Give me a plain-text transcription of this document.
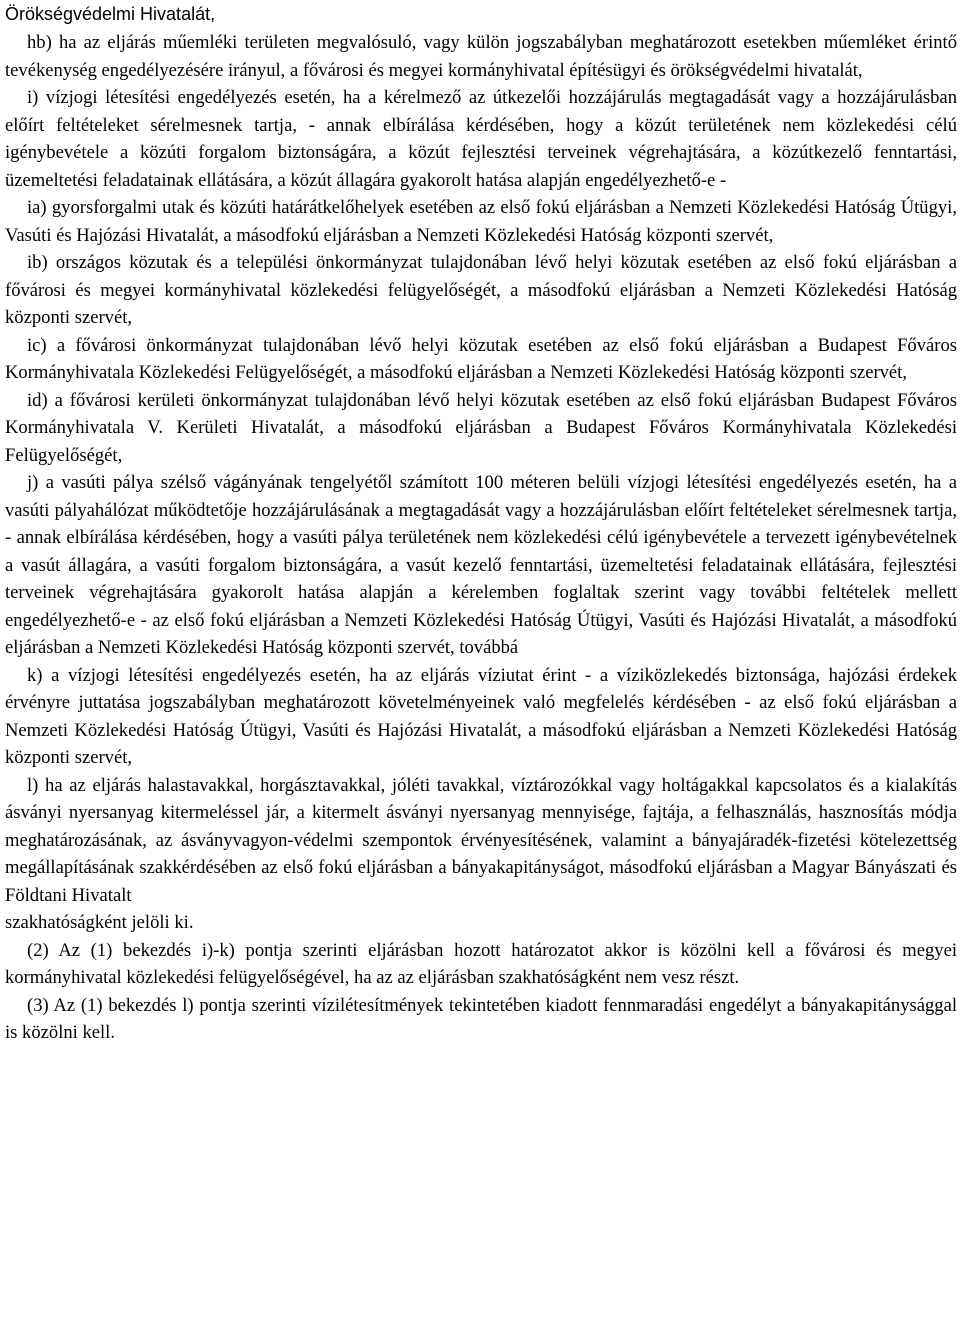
Örökségvédelmi Hivatalát,

hb) ha az eljárás műemléki területen megvalósuló, vagy külön jogszabályban meghatározott esetekben műemléket érintő tevékenység engedélyezésére irányul, a fővárosi és megyei kormányhivatal építésügyi és örökségvédelmi hivatalát,

i) vízjogi létesítési engedélyezés esetén, ha a kérelmező az útkezelői hozzájárulás megtagadását vagy a hozzájárulásban előírt feltételeket sérelmesnek tartja, - annak elbírálása kérdésében, hogy a közút területének nem közlekedési célú igénybevétele a közúti forgalom biztonságára, a közút fejlesztési terveinek végrehajtására, a közútkezelő fenntartási, üzemeltetési feladatainak ellátására, a közút állagára gyakorolt hatása alapján engedélyezhető-e -

ia) gyorsforgalmi utak és közúti határátkelőhelyek esetében az első fokú eljárásban a Nemzeti Közlekedési Hatóság Útügyi, Vasúti és Hajózási Hivatalát, a másodfokú eljárásban a Nemzeti Közlekedési Hatóság központi szervét,

ib) országos közutak és a települési önkormányzat tulajdonában lévő helyi közutak esetében az első fokú eljárásban a fővárosi és megyei kormányhivatal közlekedési felügyelőségét, a másodfokú eljárásban a Nemzeti Közlekedési Hatóság központi szervét,

ic) a fővárosi önkormányzat tulajdonában lévő helyi közutak esetében az első fokú eljárásban a Budapest Főváros Kormányhivatala Közlekedési Felügyelőségét, a másodfokú eljárásban a Nemzeti Közlekedési Hatóság központi szervét,

id) a fővárosi kerületi önkormányzat tulajdonában lévő helyi közutak esetében az első fokú eljárásban Budapest Főváros Kormányhivatala V. Kerületi Hivatalát, a másodfokú eljárásban a Budapest Főváros Kormányhivatala Közlekedési Felügyelőségét,

j) a vasúti pálya szélső vágányának tengelyétől számított 100 méteren belüli vízjogi létesítési engedélyezés esetén, ha a vasúti pályahálózat működtetője hozzájárulásának a megtagadását vagy a hozzájárulásban előírt feltételeket sérelmesnek tartja, - annak elbírálása kérdésében, hogy a vasúti pálya területének nem közlekedési célú igénybevétele a tervezett igénybevételnek a vasút állagára, a vasúti forgalom biztonságára, a vasút kezelő fenntartási, üzemeltetési feladatainak ellátására, fejlesztési terveinek végrehajtására gyakorolt hatása alapján a kérelemben foglaltak szerint vagy további feltételek mellett engedélyezhető-e - az első fokú eljárásban a Nemzeti Közlekedési Hatóság Útügyi, Vasúti és Hajózási Hivatalát, a másodfokú eljárásban a Nemzeti Közlekedési Hatóság központi szervét, továbbá

k) a vízjogi létesítési engedélyezés esetén, ha az eljárás víziutat érint - a víziközlekedés biztonsága, hajózási érdekek érvényre juttatása jogszabályban meghatározott követelményeinek való megfelelés kérdésében - az első fokú eljárásban a Nemzeti Közlekedési Hatóság Útügyi, Vasúti és Hajózási Hivatalát, a másodfokú eljárásban a Nemzeti Közlekedési Hatóság központi szervét,

l) ha az eljárás halastavakkal, horgásztavakkal, jóléti tavakkal, víztározókkal vagy holtágakkal kapcsolatos és a kialakítás ásványi nyersanyag kitermeléssel jár, a kitermelt ásványi nyersanyag mennyisége, fajtája, a felhasználás, hasznosítás módja meghatározásának, az ásványvagyon-védelmi szempontok érvényesítésének, valamint a bányajáradék-fizetési kötelezettség megállapításának szakkérdésében az első fokú eljárásban a bányakapitányságot, másodfokú eljárásban a Magyar Bányászati és Földtani Hivatalt

szakhatóságként jelöli ki.

(2) Az (1) bekezdés i)-k) pontja szerinti eljárásban hozott határozatot akkor is közölni kell a fővárosi és megyei kormányhivatal közlekedési felügyelőségével, ha az az eljárásban szakhatóságként nem vesz részt.

(3) Az (1) bekezdés l) pontja szerinti vízilétesítmények tekintetében kiadott fennmaradási engedélyt a bányakapitánysággal is közölni kell.
